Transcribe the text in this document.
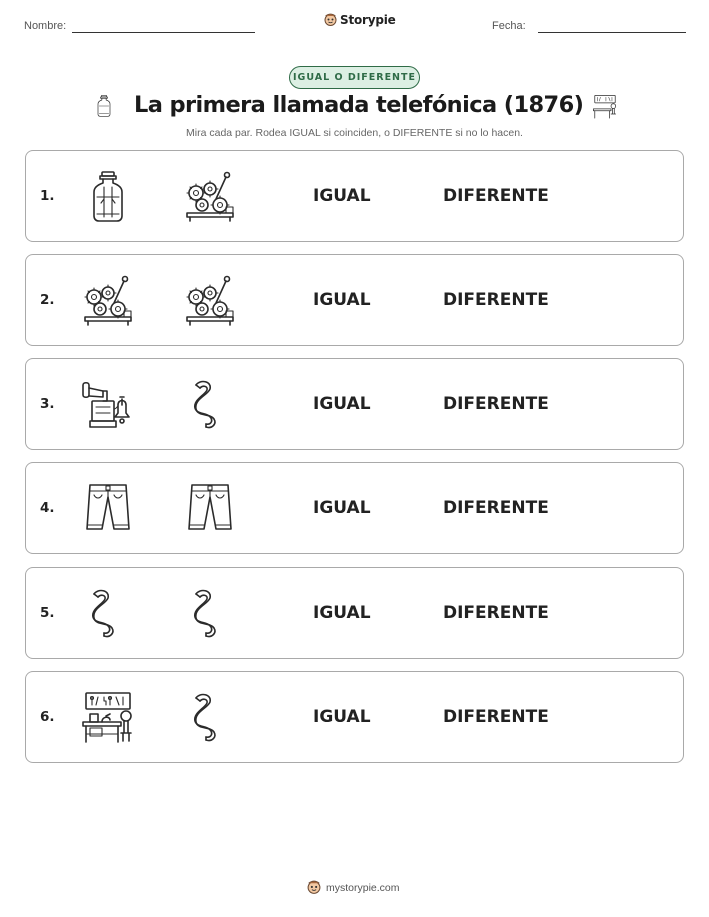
Nombre:	Storypie	Fecha:
IGUAL O DIFERENTE
La primera llamada telefónica (1876)
Mira cada par. Rodea IGUAL si coinciden, o DIFERENTE si no lo hacen.
1.	IGUAL	DIFERENTE
2.	IGUAL	DIFERENTE
3.	IGUAL	DIFERENTE
4.	IGUAL	DIFERENTE
5.	IGUAL	DIFERENTE
6.	IGUAL	DIFERENTE
mystorypie.com
